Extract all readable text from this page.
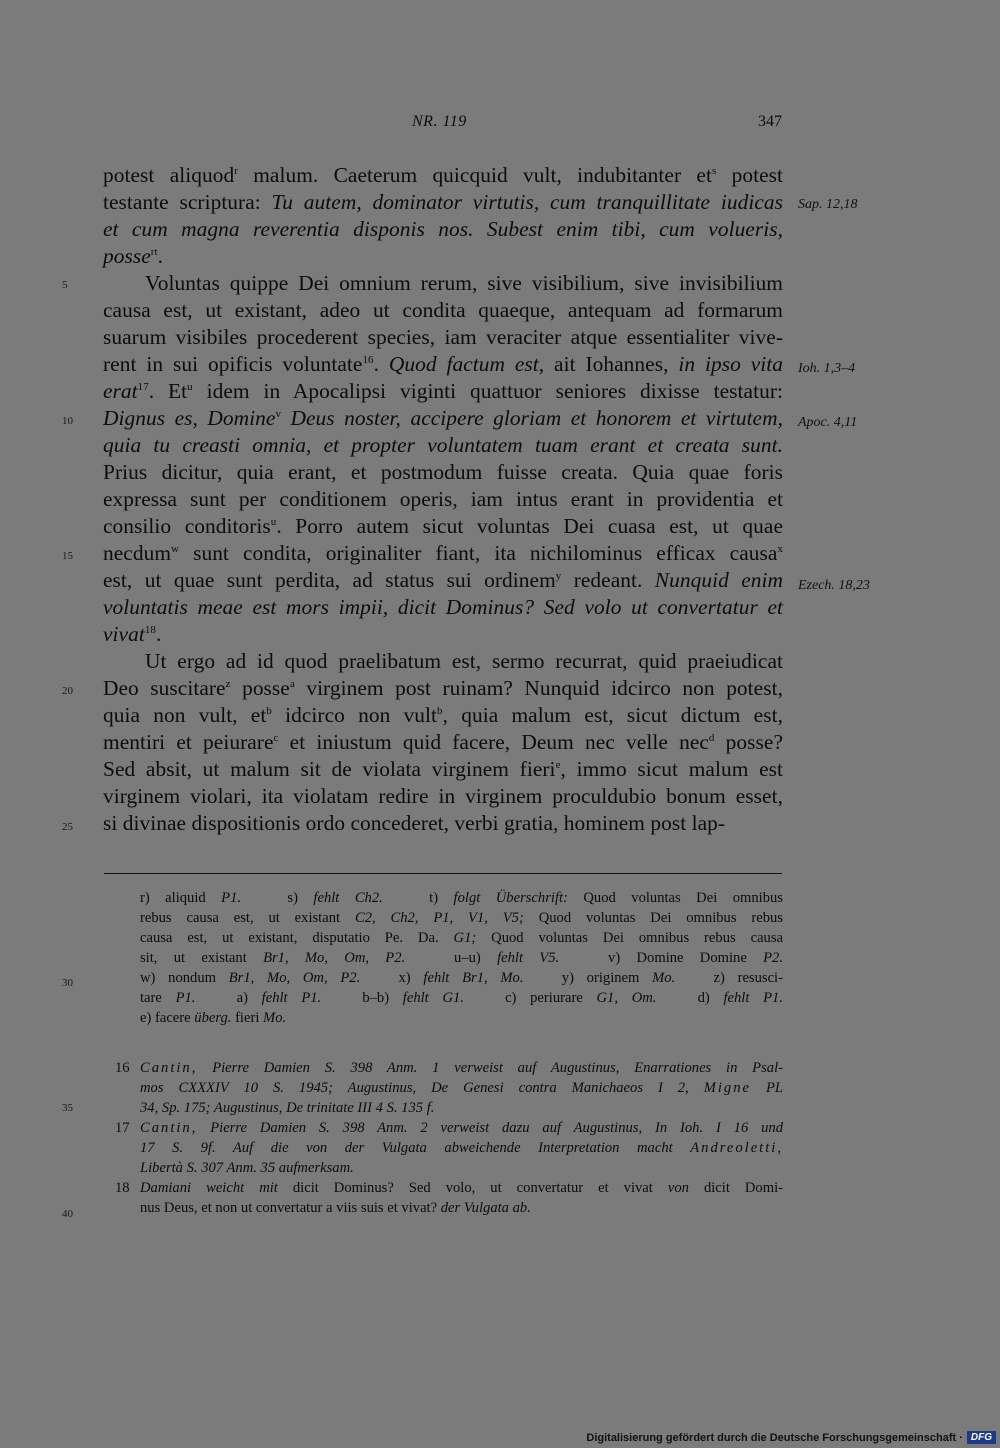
NR. 119	347
potest aliquod$^r$ malum. Caeterum quicquid vult, indubitanter $et^s$ potest
testante scriptura: Tu autem, dominator virtutis, cum tranquillitate iudicas
et cum magna reverentia disponis nos. Subest enim tibi, cum volueris,
posse$^{rt}$.
Voluntas quippe Dei omnium rerum, sive visibilium, sive invisibilium
causa est, ut existant, adeo ut condita quaeque, antequam ad formarum
suarum visibiles procederent species, iam veraciter atque essentialiter vive-
rent in sui opificis voluntate$^{16}$. Quod factum est, ait Iohannes, in ipso vita
erat$^{17}$. Et$^u$ idem in Apocalipsi viginti quattuor seniores dixisse testatur:
Dignus es, Domine$^v$ Deus noster, accipere gloriam et honorem et virtutem,
quia tu creasti omnia, et propter voluntatem tuam erant et creata sunt.
Prius dicitur, quia erant, et postmodum fuisse creata. Quia quae foris
expressa sunt per conditionem operis, iam intus erant in providentia et
consilio conditoris$^u$. Porro autem sicut voluntas Dei cuasa est, ut quae
necdum$^w$ sunt condita, originaliter fiant, ita nichilominus efficax causa$^x$
est, ut quae sunt perdita, ad status sui ordinem$^y$ redeant. Nunquid enim
voluntatis meae est mors impii, dicit Dominus? Sed volo ut convertatur et
vivat$^{18}$.
Ut ergo ad id quod praelibatum est, sermo recurrat, quid praeiudicat
Deo suscitare$^z$ posse$^a$ virginem post ruinam? Nunquid idcirco non potest,
quia non vult, $et^b$ idcirco non vult$^b$, quia malum est, sicut dictum est,
mentiri et peiurare$^c$ et iniustum quid facere, Deum nec velle nec$^d$ posse?
Sed absit, ut malum sit de violata virginem fieri$^e$, immo sicut malum est
virginem violari, ita violatam redire in virginem proculdubio bonum esset,
si divinae dispositionis ordo concederet, verbi gratia, hominem post lap-
5
10
15
20
25
30
35
40
Sap. 12,18
Ioh. 1,3–4
Apoc. 4,11
Ezech. 18,23
r) aliquid P1.   s) fehlt Ch2.   t) folgt Überschrift: Quod voluntas Dei omnibus
rebus causa est, ut existant C2, Ch2, P1, V1, V5; Quod voluntas Dei omnibus rebus
causa est, ut existant, disputatio Pe. Da. G1; Quod voluntas Dei omnibus rebus causa
sit, ut existant Br1, Mo, Om, P2.   u–u) fehlt V5.   v) Domine Domine P2.
w) nondum Br1, Mo, Om, P2.   x) fehlt Br1, Mo.   y) originem Mo.   z) resusci-
tare P1.   a) fehlt P1.   b–b) fehlt G1.   c) periurare G1, Om.   d) fehlt P1.
e) facere überg. fieri Mo.
16 Cantin, Pierre Damien S. 398 Anm. 1 verweist auf Augustinus, Enarrationes in Psal-
mos CXXXIV 10 S. 1945; Augustinus, De Genesi contra Manichaeos I 2, Migne PL
34, Sp. 175; Augustinus, De trinitate III 4 S. 135 f.
17 Cantin, Pierre Damien S. 398 Anm. 2 verweist dazu auf Augustinus, In Ioh. I 16 und
17 S. 9f. Auf die von der Vulgata abweichende Interpretation macht Andreoletti,
Libertà S. 307 Anm. 35 aufmerksam.
18 Damiani weicht mit dicit Dominus? Sed volo, ut convertatur et vivat von dicit Domi-
nus Deus, et non ut convertatur a viis suis et vivat? der Vulgata ab.
Digitalisierung gefördert durch die Deutsche Forschungsgemeinschaft · DFG
